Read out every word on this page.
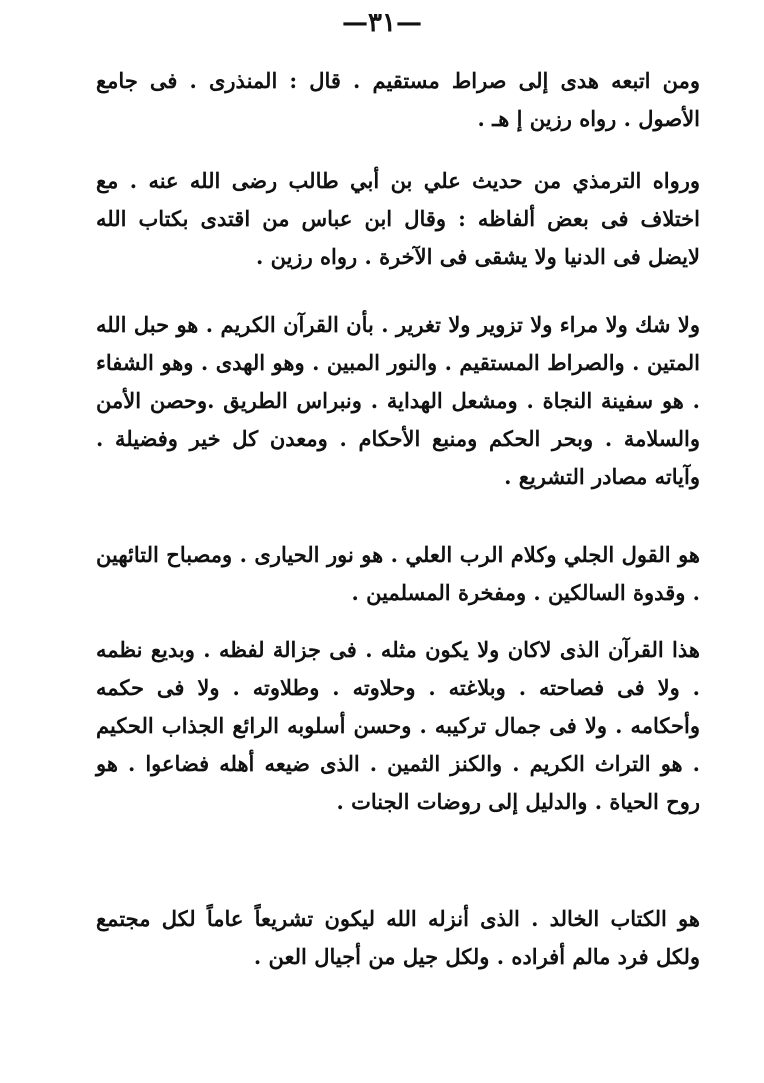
—٣١—

ومن اتبعه هدى إلى صراط مستقيم . قال : المنذرى . فى جامع الأصول . رواه رزين إ هـ .

ورواه الترمذي من حديث علي بن أبي طالب رضى الله عنه . مع اختلاف فى بعض ألفاظه : وقال ابن عباس من اقتدى بكتاب الله لايضل فى الدنيا ولا يشقى فى الآخرة . رواه رزين .

ولا شك ولا مراء ولا تزوير ولا تغرير . بأن القرآن الكريم . هو حبل الله المتين . والصراط المستقيم . والنور المبين . وهو الهدى . وهو الشفاء . هو سفينة النجاة . ومشعل الهداية . ونبراس الطريق .وحصن الأمن والسلامة . وبحر الحكم ومنبع الأحكام . ومعدن كل خير وفضيلة . وآياته مصادر التشريع .

هو القول الجلي وكلام الرب العلي . هو نور الحيارى . ومصباح التائهين . وقدوة السالكين . ومفخرة المسلمين .

هذا القرآن الذى لاكان ولا يكون مثله . فى جزالة لفظه . وبديع نظمه . ولا فى فصاحته . وبلاغته . وحلاوته . وطلاوته . ولا فى حكمه وأحكامه . ولا فى جمال تركيبه . وحسن أسلوبه الرائع الجذاب الحكيم . هو التراث الكريم . والكنز الثمين . الذى ضيعه أهله فضاعوا . هو روح الحياة . والدليل إلى روضات الجنات .

هو الكتاب الخالد . الذى أنزله الله ليكون تشريعاً عاماً لكل مجتمع ولكل فرد مالم أفراده . ولكل جيل من أجيال العن .
